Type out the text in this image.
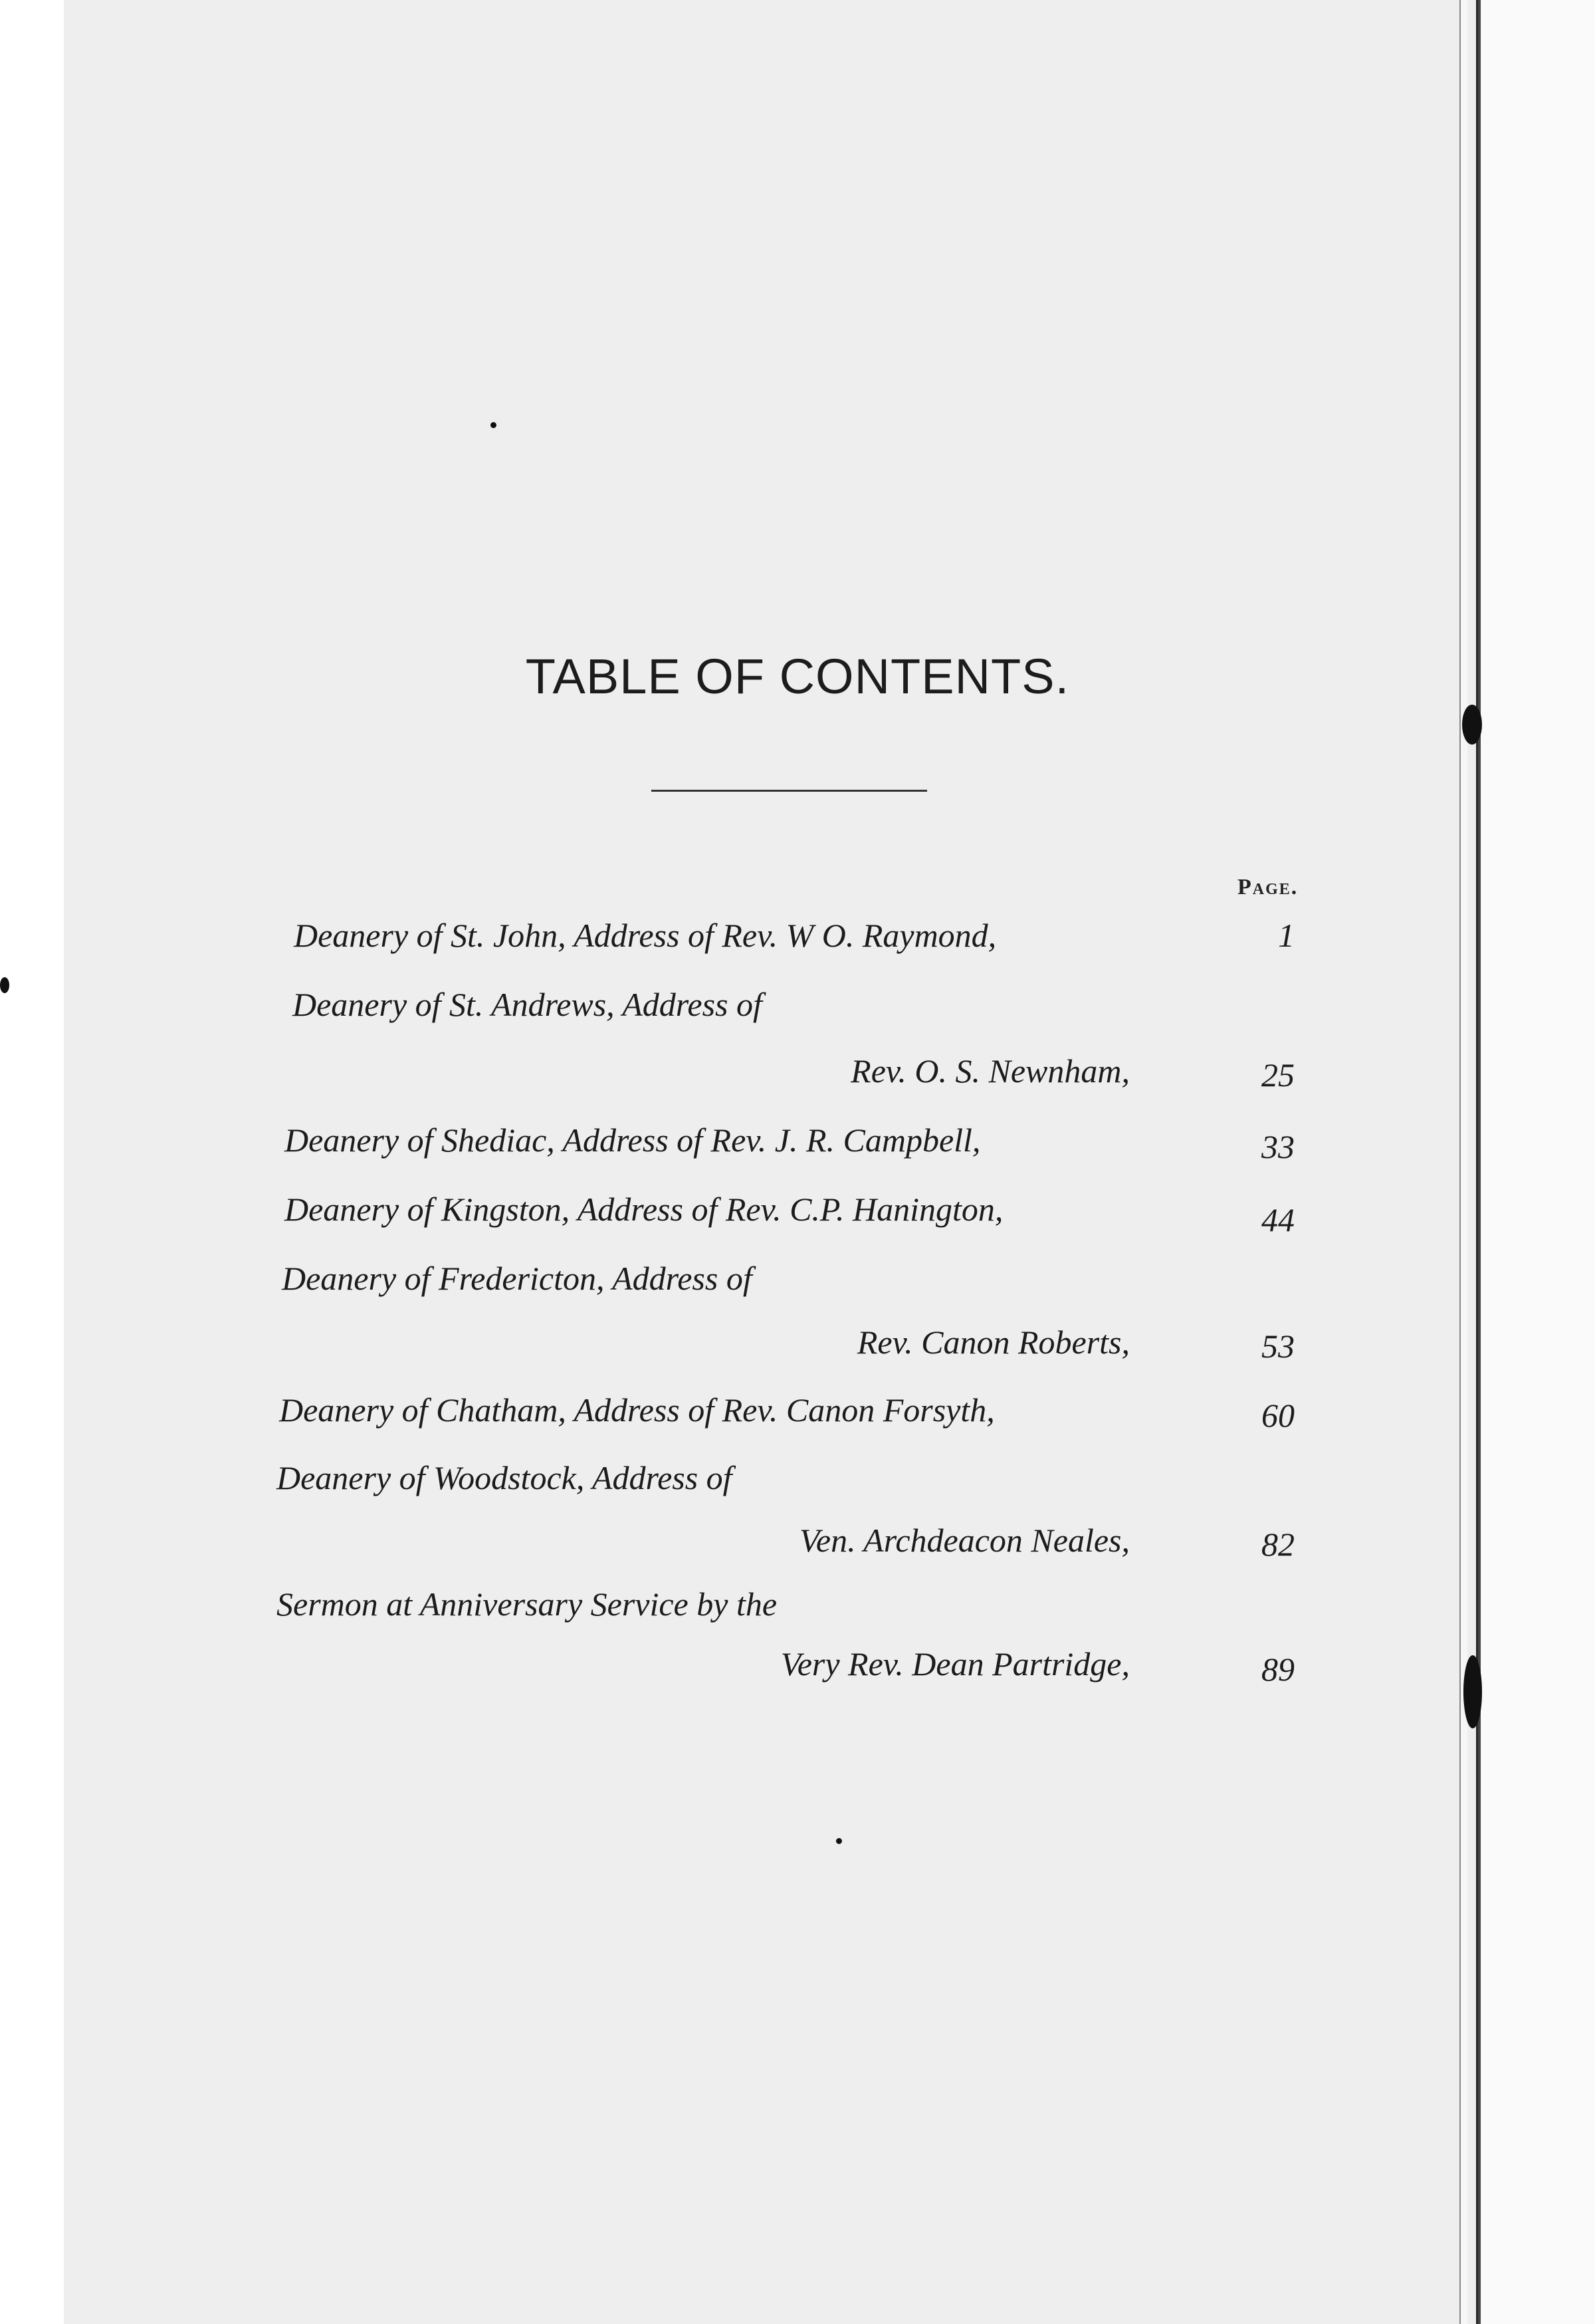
TABLE OF CONTENTS.
Page.
Deanery of St. John, Address of Rev. W O. Raymond,	1
Deanery of St. Andrews, Address of
Rev. O. S. Newnham,	25
Deanery of Shediac, Address of Rev. J. R. Campbell,	33
Deanery of Kingston, Address of Rev. C.P. Hanington,	44
Deanery of Fredericton, Address of
Rev. Canon Roberts,	53
Deanery of Chatham, Address of Rev. Canon Forsyth,	60
Deanery of Woodstock, Address of
Ven. Archdeacon Neales,	82
Sermon at Anniversary Service by the
Very Rev. Dean Partridge,	89
